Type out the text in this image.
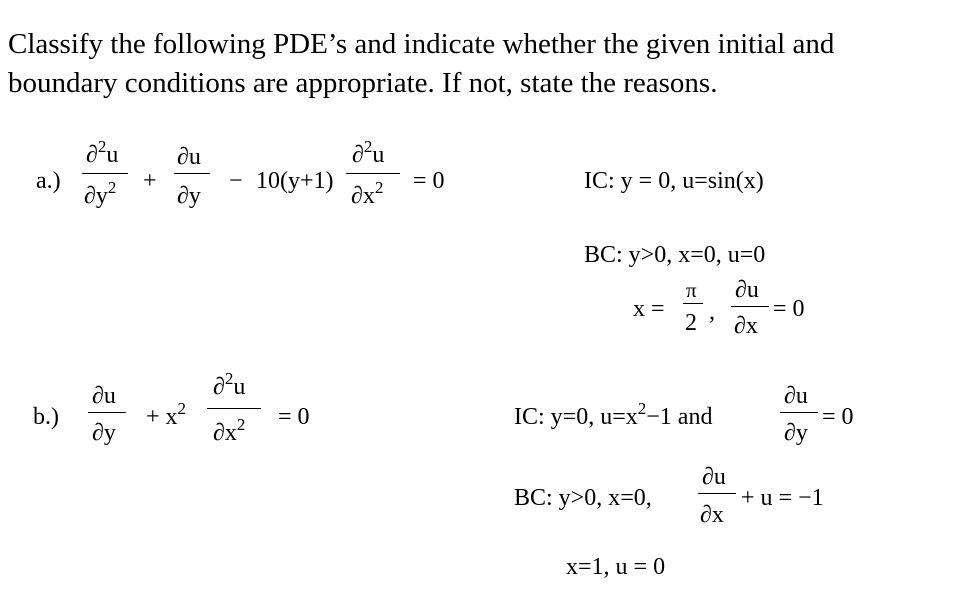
Classify the following PDE’s and indicate whether the given initial and
boundary conditions are appropriate. If not, state the reasons.
a.)
∂$^2$u
$\partial y^2$ +
∂u
∂y
− 10(y+1)
∂$^2$u
$\partial x^2 = 0$	IC: y = 0, u=sin(x)
BC: y>0, x=0, u=0
x =
π
2 ,
∂u
∂x
= 0
b.)
∂u
∂y
+ $x^2$
∂$^2$u
$\partial x^2 = 0$	IC: y=0, $u=x^2-1$ and
∂u
∂y
= 0
BC: y>0, x=0,
∂u
∂x
+ u = −1
x=1, u = 0
